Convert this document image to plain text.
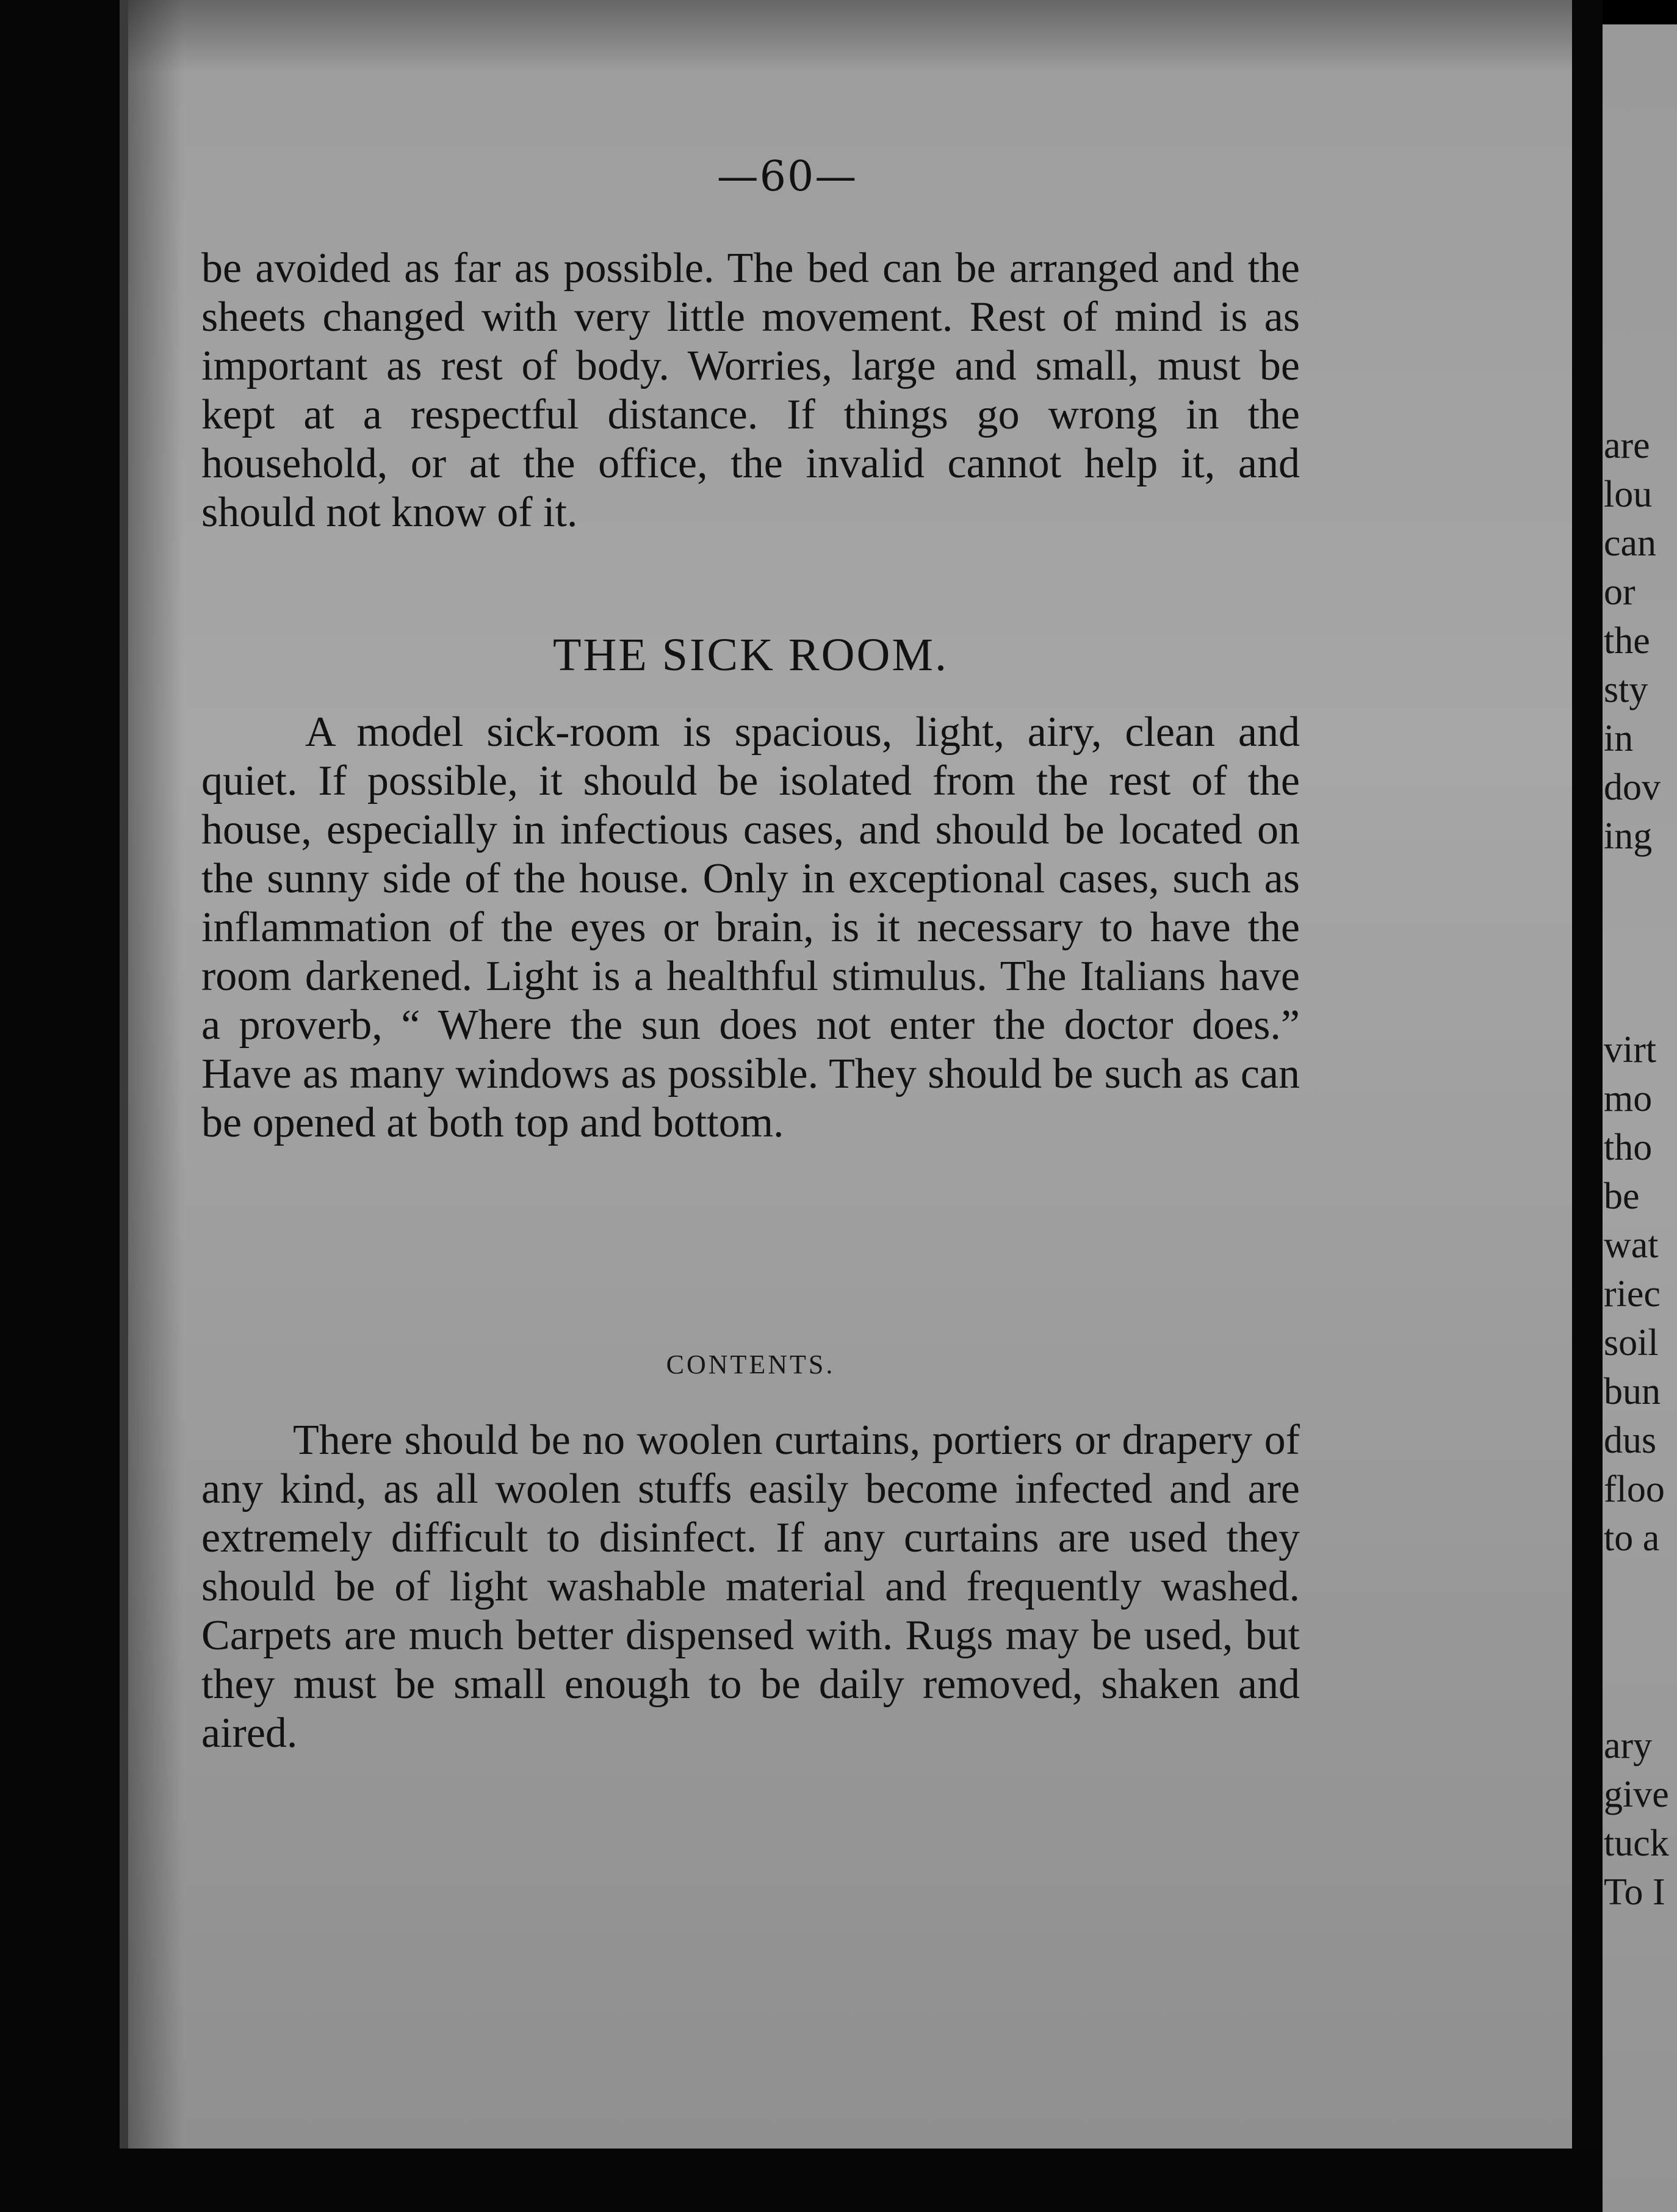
—60—
be avoided as far as possible. The bed can be arranged and the sheets changed with very little movement. Rest of mind is as important as rest of body. Worries, large and small, must be kept at a respectful distance. If things go wrong in the household, or at the office, the invalid cannot help it, and should not know of it.
THE SICK ROOM.
A model sick-room is spacious, light, airy, clean and quiet. If possible, it should be isolated from the rest of the house, especially in infectious cases, and should be located on the sunny side of the house. Only in exceptional cases, such as inflammation of the eyes or brain, is it necessary to have the room darkened. Light is a healthful stimulus. The Italians have a proverb, “ Where the sun does not enter the doctor does.” Have as many windows as possible. They should be such as can be opened at both top and bottom.
CONTENTS.
There should be no woolen curtains, portiers or drapery of any kind, as all woolen stuffs easily become infected and are extremely difficult to disinfect. If any curtains are used they should be of light washable material and frequently washed. Carpets are much better dispensed with. Rugs may be used, but they must be small enough to be daily removed, shaken and aired.
are
lou
can
or
the
sty
in
dov
ing
virt
mo
tho
be
wat
riec
soil
bun
dus
floo
to a
ary
give
tuck
To I
